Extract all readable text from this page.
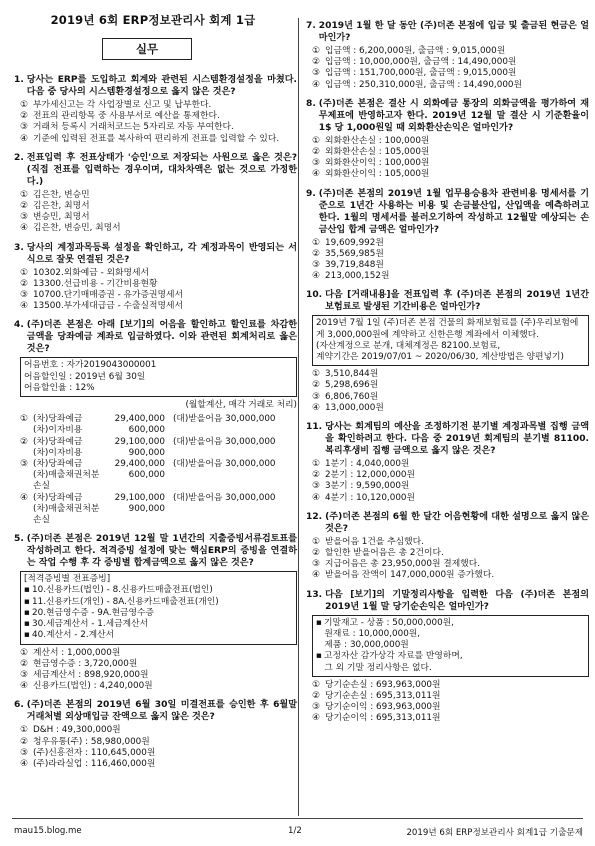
2019년 6회 ERP정보관리사 회계 1급
실무
1. 당사는 ERP를 도입하고 회계와 관련된 시스템환경설정을 마쳤다. 다음 중 당사의 시스템환경설정으로 옳지 않은 것은?
① 부가세신고는 각 사업장별로 신고 및 납부한다.
② 전표의 관리항목 중 사용부서로 예산을 통제한다.
③ 거래처 등록시 거래처코드는 5자리로 자동 부여한다.
④ 기준에 입력된 전표를 복사하여 편리하게 전표를 입력할 수 있다.
2. 전표입력 후 전표상태가 '승인'으로 저장되는 사원으로 옳은 것은? (직접 전표를 입력하는 경우이며, 대차차액은 없는 것으로 가정한다.)
① 김은찬, 변승민
② 김은찬, 최명서
③ 변승민, 최명서
④ 김은찬, 변승민, 최명서
3. 당사의 계정과목등록 설정을 확인하고, 각 계정과목이 반영되는 서식으로 잘못 연결된 것은?
① 10302.외화예금 - 외화명세서
② 13300.선급비용 - 기간비용현황
③ 10700.단기매매증권 - 유가증권명세서
④ 13500.부가세대급금 - 수출실적명세서
4. (주)더존 본점은 아래 [보기]의 어음을 할인하고 할인료를 차감한 금액을 당좌예금 계좌로 입금하였다. 이와 관련된 회계처리로 옳은 것은?
어음번호 : 자가2019043000001
어음할인일 : 2019년 6월 30일
어음할인율 : 12%
(월할계산, 매각 거래로 처리)
① (차)당좌예금	29,400,000 (대)받을어음 30,000,000
(차)이자비용	600,000
② (차)당좌예금	29,100,000 (대)받을어음 30,000,000
(차)이자비용	900,000
③ (차)당좌예금	29,400,000 (대)받을어음 30,000,000
(차)매출채권처분손실
600,000
④ (차)당좌예금	29,100,000 (대)받을어음 30,000,000
(차)매출채권처분손실
900,000
5. (주)더존 본점은 2019년 12월 말 1년간의 지출증빙서류검토표를 작성하려고 한다. 적격증빙 설정에 맞는 핵심ERP의 증빙을 연결하는 작업 수행 후 각 증빙별 합계금액으로 옳지 않은 것은?
[적격증빙별 전표증빙]
▪ 10.신용카드(법인) - 8.신용카드매출전표(법인)
▪ 11.신용카드(개인) - 8A.신용카드매출전표(개인)
▪ 20.현금영수증 - 9A.현금영수증
▪ 30.세금계산서 - 1.세금계산서
▪ 40.계산서 - 2.계산서
① 계산서 : 1,000,000원
② 현금영수증 : 3,720,000원
③ 세금계산서 : 898,920,000원
④ 신용카드(법인) : 4,240,000원
6. (주)더존 본점의 2019년 6월 30일 미결전표를 승인한 후 6월말 거래처별 외상매입금 잔액으로 옳지 않은 것은?
① D&H : 49,300,000원
② 청우유통(주) : 58,980,000원
③ (주)신흥전자 : 110,645,000원
④ (주)라라실업 : 116,460,000원
7. 2019년 1월 한 달 동안 (주)더존 본점에 입금 및 출금된 현금은 얼마인가?
① 입금액 : 6,200,000원, 출금액 : 9,015,000원
② 입금액 : 10,000,000원, 출금액 : 14,490,000원
③ 입금액 : 151,700,000원, 출금액 : 9,015,000원
④ 입금액 : 250,310,000원, 출금액 : 14,490,000원
8. (주)더존 본점은 결산 시 외화예금 통장의 외화금액을 평가하여 재무제표에 반영하고자 한다. 2019년 12월 말 결산 시 기준환율이 1$ 당 1,000원일 때 외화환산손익은 얼마인가?
① 외화환산손실 : 100,000원
② 외화환산손실 : 105,000원
③ 외화환산이익 : 100,000원
④ 외화환산이익 : 105,000원
9. (주)더존 본점의 2019년 1월 업무용승용차 관련비용 명세서를 기준으로 1년간 사용하는 비용 및 손금불산입, 산입액을 예측하려고 한다. 1월의 명세서를 불러오기하여 작성하고 12월말 예상되는 손금산입 합계 금액은 얼마인가?
① 19,609,992원
② 35,569,985원
③ 39,719,848원
④ 213,000,152원
10. 다음 [거래내용]을 전표입력 후 (주)더존 본점의 2019년 1년간 보험료로 발생된 기간비용은 얼마인가?
2019년 7월 1일 (주)더존 본점 건물의 화재보험료를 (주)우리보험에게 3,000,000원에 계약하고 신한은행 계좌에서 이체했다.
(자산계정으로 분개, 대체계정은 82100.보험료,
계약기간은 2019/07/01 ~ 2020/06/30, 계산방법은 양편넣기)
① 3,510,844원
② 5,298,696원
③ 6,806,760원
④ 13,000,000원
11. 당사는 회계팀의 예산을 조정하기전 분기별 계정과목별 집행 금액을 확인하려고 한다. 다음 중 2019년 회계팀의 분기별 81100.복리후생비 집행 금액으로 옳지 않은 것은?
① 1분기 : 4,040,000원
② 2분기 : 12,000,000원
③ 3분기 : 9,590,000원
④ 4분기 : 10,120,000원
12. (주)더존 본점의 6월 한 달간 어음현황에 대한 설명으로 옳지 않은 것은?
① 받을어음 1건을 추심했다.
② 할인한 받을어음은 총 2건이다.
③ 지급어음은 총 23,950,000원 결제했다.
④ 받을어음 잔액이 147,000,000원 증가했다.
13. 다음 [보기]의 기말정리사항을 입력한 다음 (주)더존 본점의 2019년 1월 말 당기순손익은 얼마인가?
▪ 기말재고 - 상품 : 50,000,000원,
원재료 : 10,000,000원,
제품 : 30,000,000원
▪ 고정자산 감가상각 자료를 반영하며,
그 외 기말 정리사항은 없다.
① 당기순손실 : 693,963,000원
② 당기순손실 : 695,313,011원
③ 당기순이익 : 693,963,000원
④ 당기순이익 : 695,313,011원
mau15.blog.me	1/2	2019년 6회 ERP정보관리사 회계1급 기출문제
